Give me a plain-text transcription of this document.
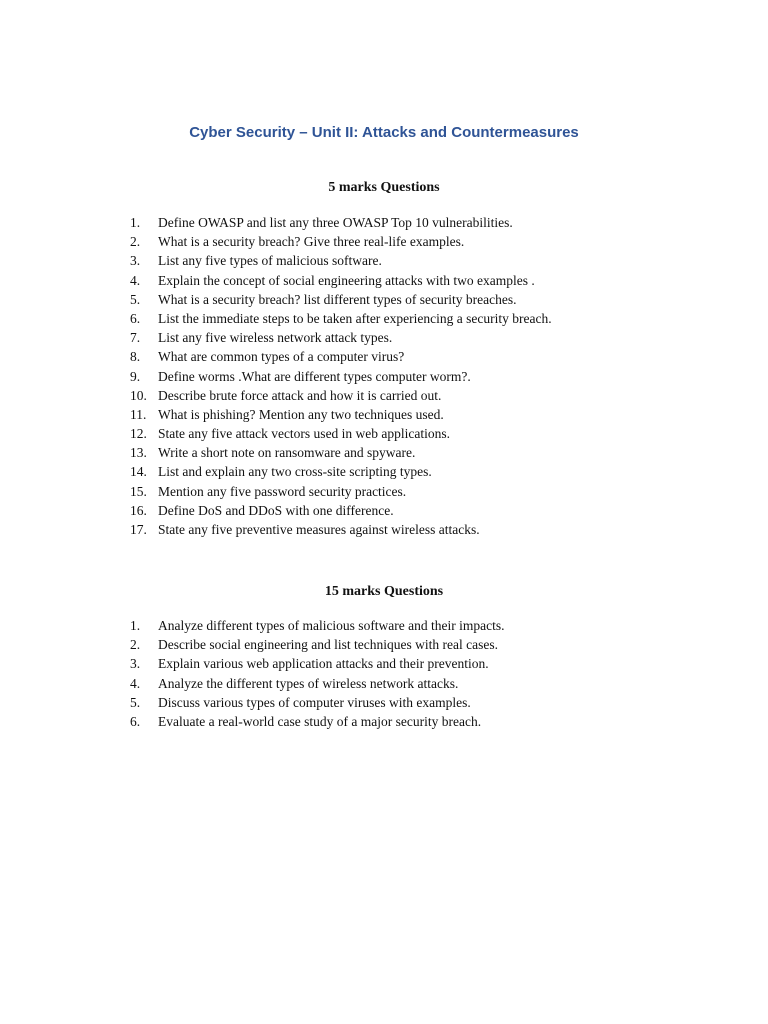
Cyber Security – Unit II: Attacks and Countermeasures
5 marks Questions
1. Define OWASP and list any three OWASP Top 10 vulnerabilities.
2. What is a security breach? Give three real-life examples.
3. List any five types of malicious software.
4. Explain the concept of social engineering attacks with two examples .
5. What is a security breach? list different types of security breaches.
6. List the immediate steps to be taken after experiencing a security breach.
7. List any five wireless network attack types.
8. What are common types of a computer virus?
9. Define worms .What are different types computer worm?.
10. Describe brute force attack and how it is carried out.
11. What is phishing? Mention any two techniques used.
12. State any five attack vectors used in web applications.
13. Write a short note on ransomware and spyware.
14. List and explain any two cross-site scripting types.
15. Mention any five password security practices.
16. Define DoS and DDoS with one difference.
17. State any five preventive measures against wireless attacks.
15 marks Questions
1. Analyze different types of malicious software and their impacts.
2. Describe social engineering and list techniques with real cases.
3. Explain various web application attacks and their prevention.
4. Analyze the different types of wireless network attacks.
5. Discuss various types of computer viruses with examples.
6. Evaluate a real-world case study of a major security breach.
